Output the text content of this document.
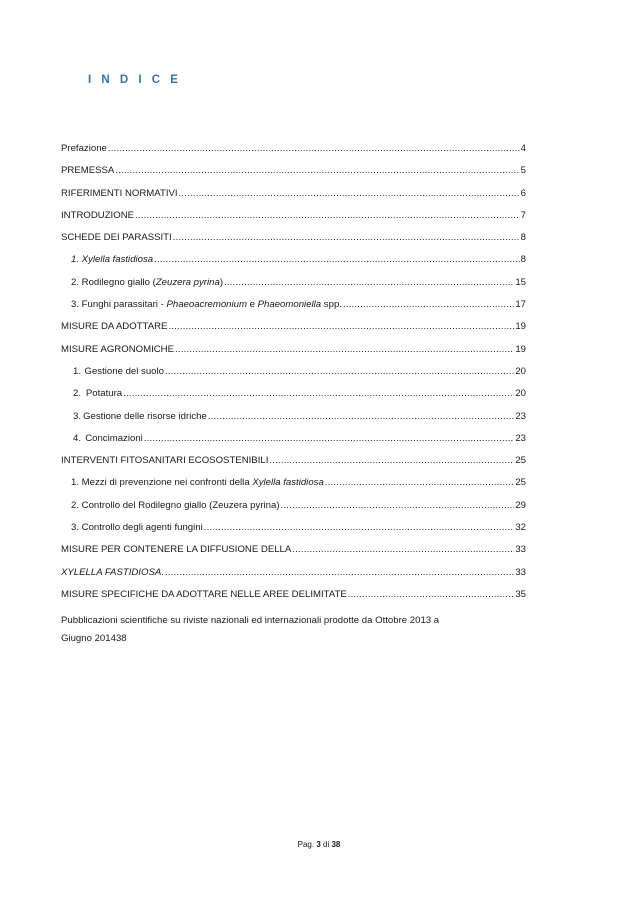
I N D I C E
Prefazione .....	4
PREMESSA .....	5
RIFERIMENTI NORMATIVI .....	6
INTRODUZIONE .....	7
SCHEDE DEI PARASSITI .....	8
1. Xylella fastidiosa .....	8
2. Rodilegno giallo (Zeuzera pyrina) .....	15
3. Funghi parassitari - Phaeoacremonium e Phaeomoniella spp. .....	17
MISURE DA ADOTTARE .....	19
MISURE AGRONOMICHE .....	19
1. Gestione del suolo .....	20
2. Potatura .....	20
3. Gestione delle risorse idriche .....	23
4. Concimazioni .....	23
INTERVENTI FITOSANITARI ECOSOSTENIBILI .....	25
1. Mezzi di prevenzione nei confronti della Xylella fastidiosa .....	25
2. Controllo del Rodilegno giallo (Zeuzera pyrina) .....	29
3. Controllo degli agenti fungini .....	32
MISURE PER CONTENERE LA DIFFUSIONE DELLA .....	33
XYLELLA FASTIDIOSA. .....	33
MISURE SPECIFICHE DA ADOTTARE NELLE AREE DELIMITATE .....	35
Pubblicazioni scientifiche su riviste nazionali ed internazionali prodotte da Ottobre 2013 a
Giugno 2014 38
Pag. 3 di 38
